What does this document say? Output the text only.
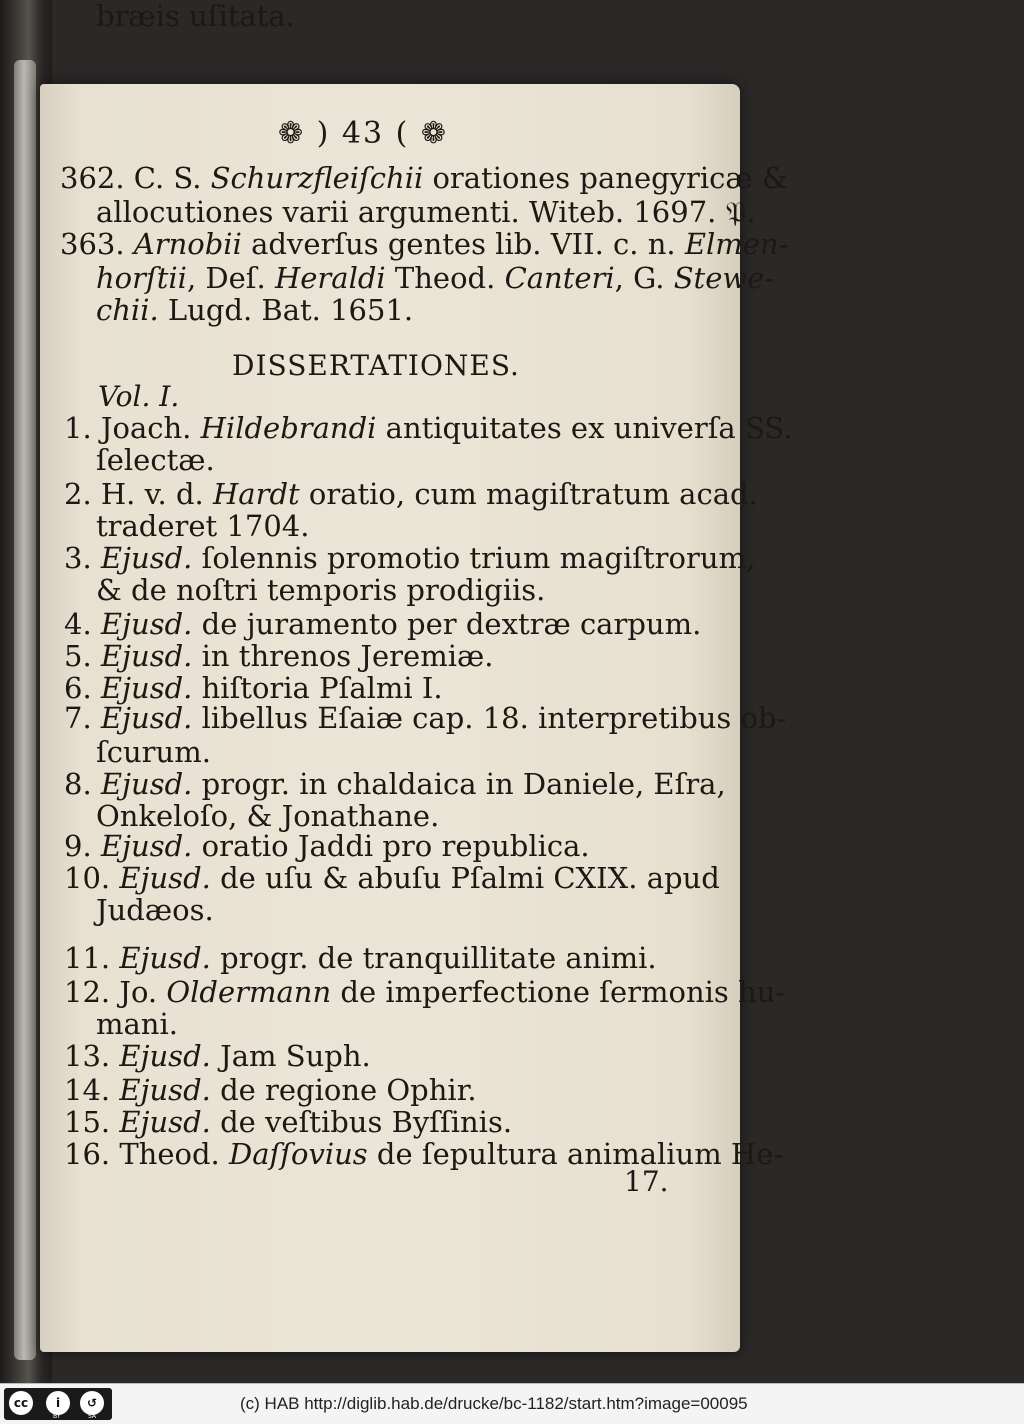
❁ ) 43 ( ❁
362. C. S. Schurzfleiſchii orationes panegyricæ &
allocutiones varii argumenti. Witeb. 1697. 𝔓.
363. Arnobii adverſus gentes lib. VII. c. n. Elmen-
horſtii, Deſ. Heraldi Theod. Canteri, G. Stewe-
chii. Lugd. Bat. 1651.
DISSERTATIONES.
Vol. I.
1. Joach. Hildebrandi antiquitates ex univerſa SS.
ſelectæ.
2. H. v. d. Hardt oratio, cum magiſtratum acad.
traderet 1704.
3. Ejusd. ſolennis promotio trium magiſtrorum,
& de noſtri temporis prodigiis.
4. Ejusd. de juramento per dextræ carpum.
5. Ejusd. in threnos Jeremiæ.
6. Ejusd. hiſtoria Pſalmi I.
7. Ejusd. libellus Eſaiæ cap. 18. interpretibus ob-
ſcurum.
8. Ejusd. progr. in chaldaica in Daniele, Eſra,
Onkeloſo, & Jonathane.
9. Ejusd. oratio Jaddi pro republica.
10. Ejusd. de uſu & abuſu Pſalmi CXIX. apud
Judæos.
11. Ejusd. progr. de tranquillitate animi.
12. Jo. Oldermann de imperfectione ſermonis hu-
mani.
13. Ejusd. Jam Suph.
14. Ejusd. de regione Ophir.
15. Ejusd. de veſtibus Byſſinis.
16. Theod. Daſſovius de ſepultura animalium He-
bræis uſitata.
17.
cc	i	↺
BY	SA
(c) HAB http://diglib.hab.de/drucke/bc-1182/start.htm?image=00095
